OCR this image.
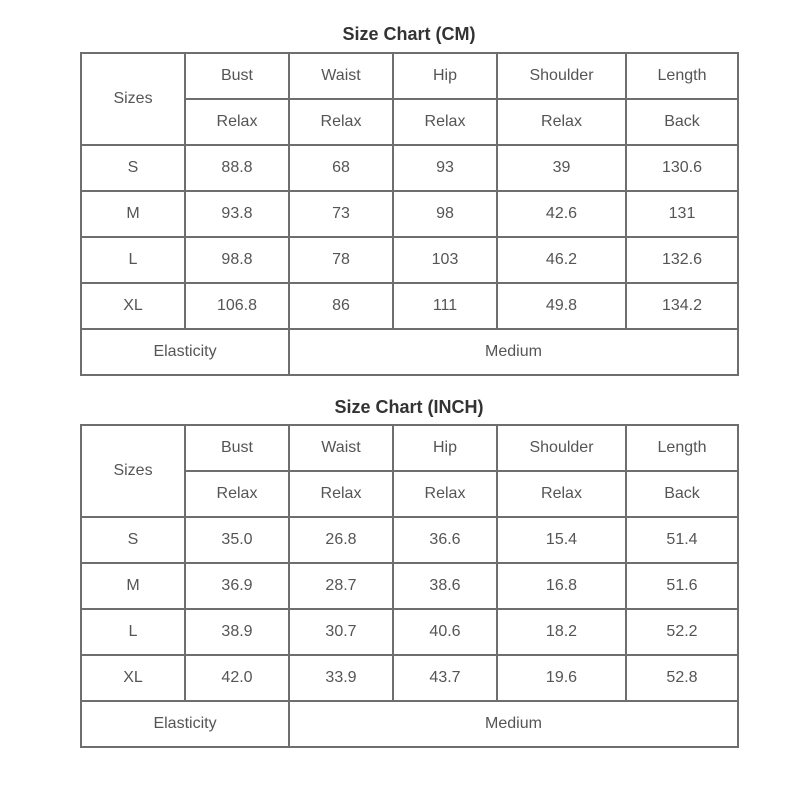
Size Chart (CM)
Sizes	Bust	Waist	Hip	Shoulder	Length
	Relax	Relax	Relax	Relax	Back
S	88.8	68	93	39	130.6
M	93.8	73	98	42.6	131
L	98.8	78	103	46.2	132.6
XL	106.8	86	111	49.8	134.2
Elasticity		Medium			
Size Chart (INCH)
Sizes	Bust	Waist	Hip	Shoulder	Length
	Relax	Relax	Relax	Relax	Back
S	35.0	26.8	36.6	15.4	51.4
M	36.9	28.7	38.6	16.8	51.6
L	38.9	30.7	40.6	18.2	52.2
XL	42.0	33.9	43.7	19.6	52.8
Elasticity		Medium			
